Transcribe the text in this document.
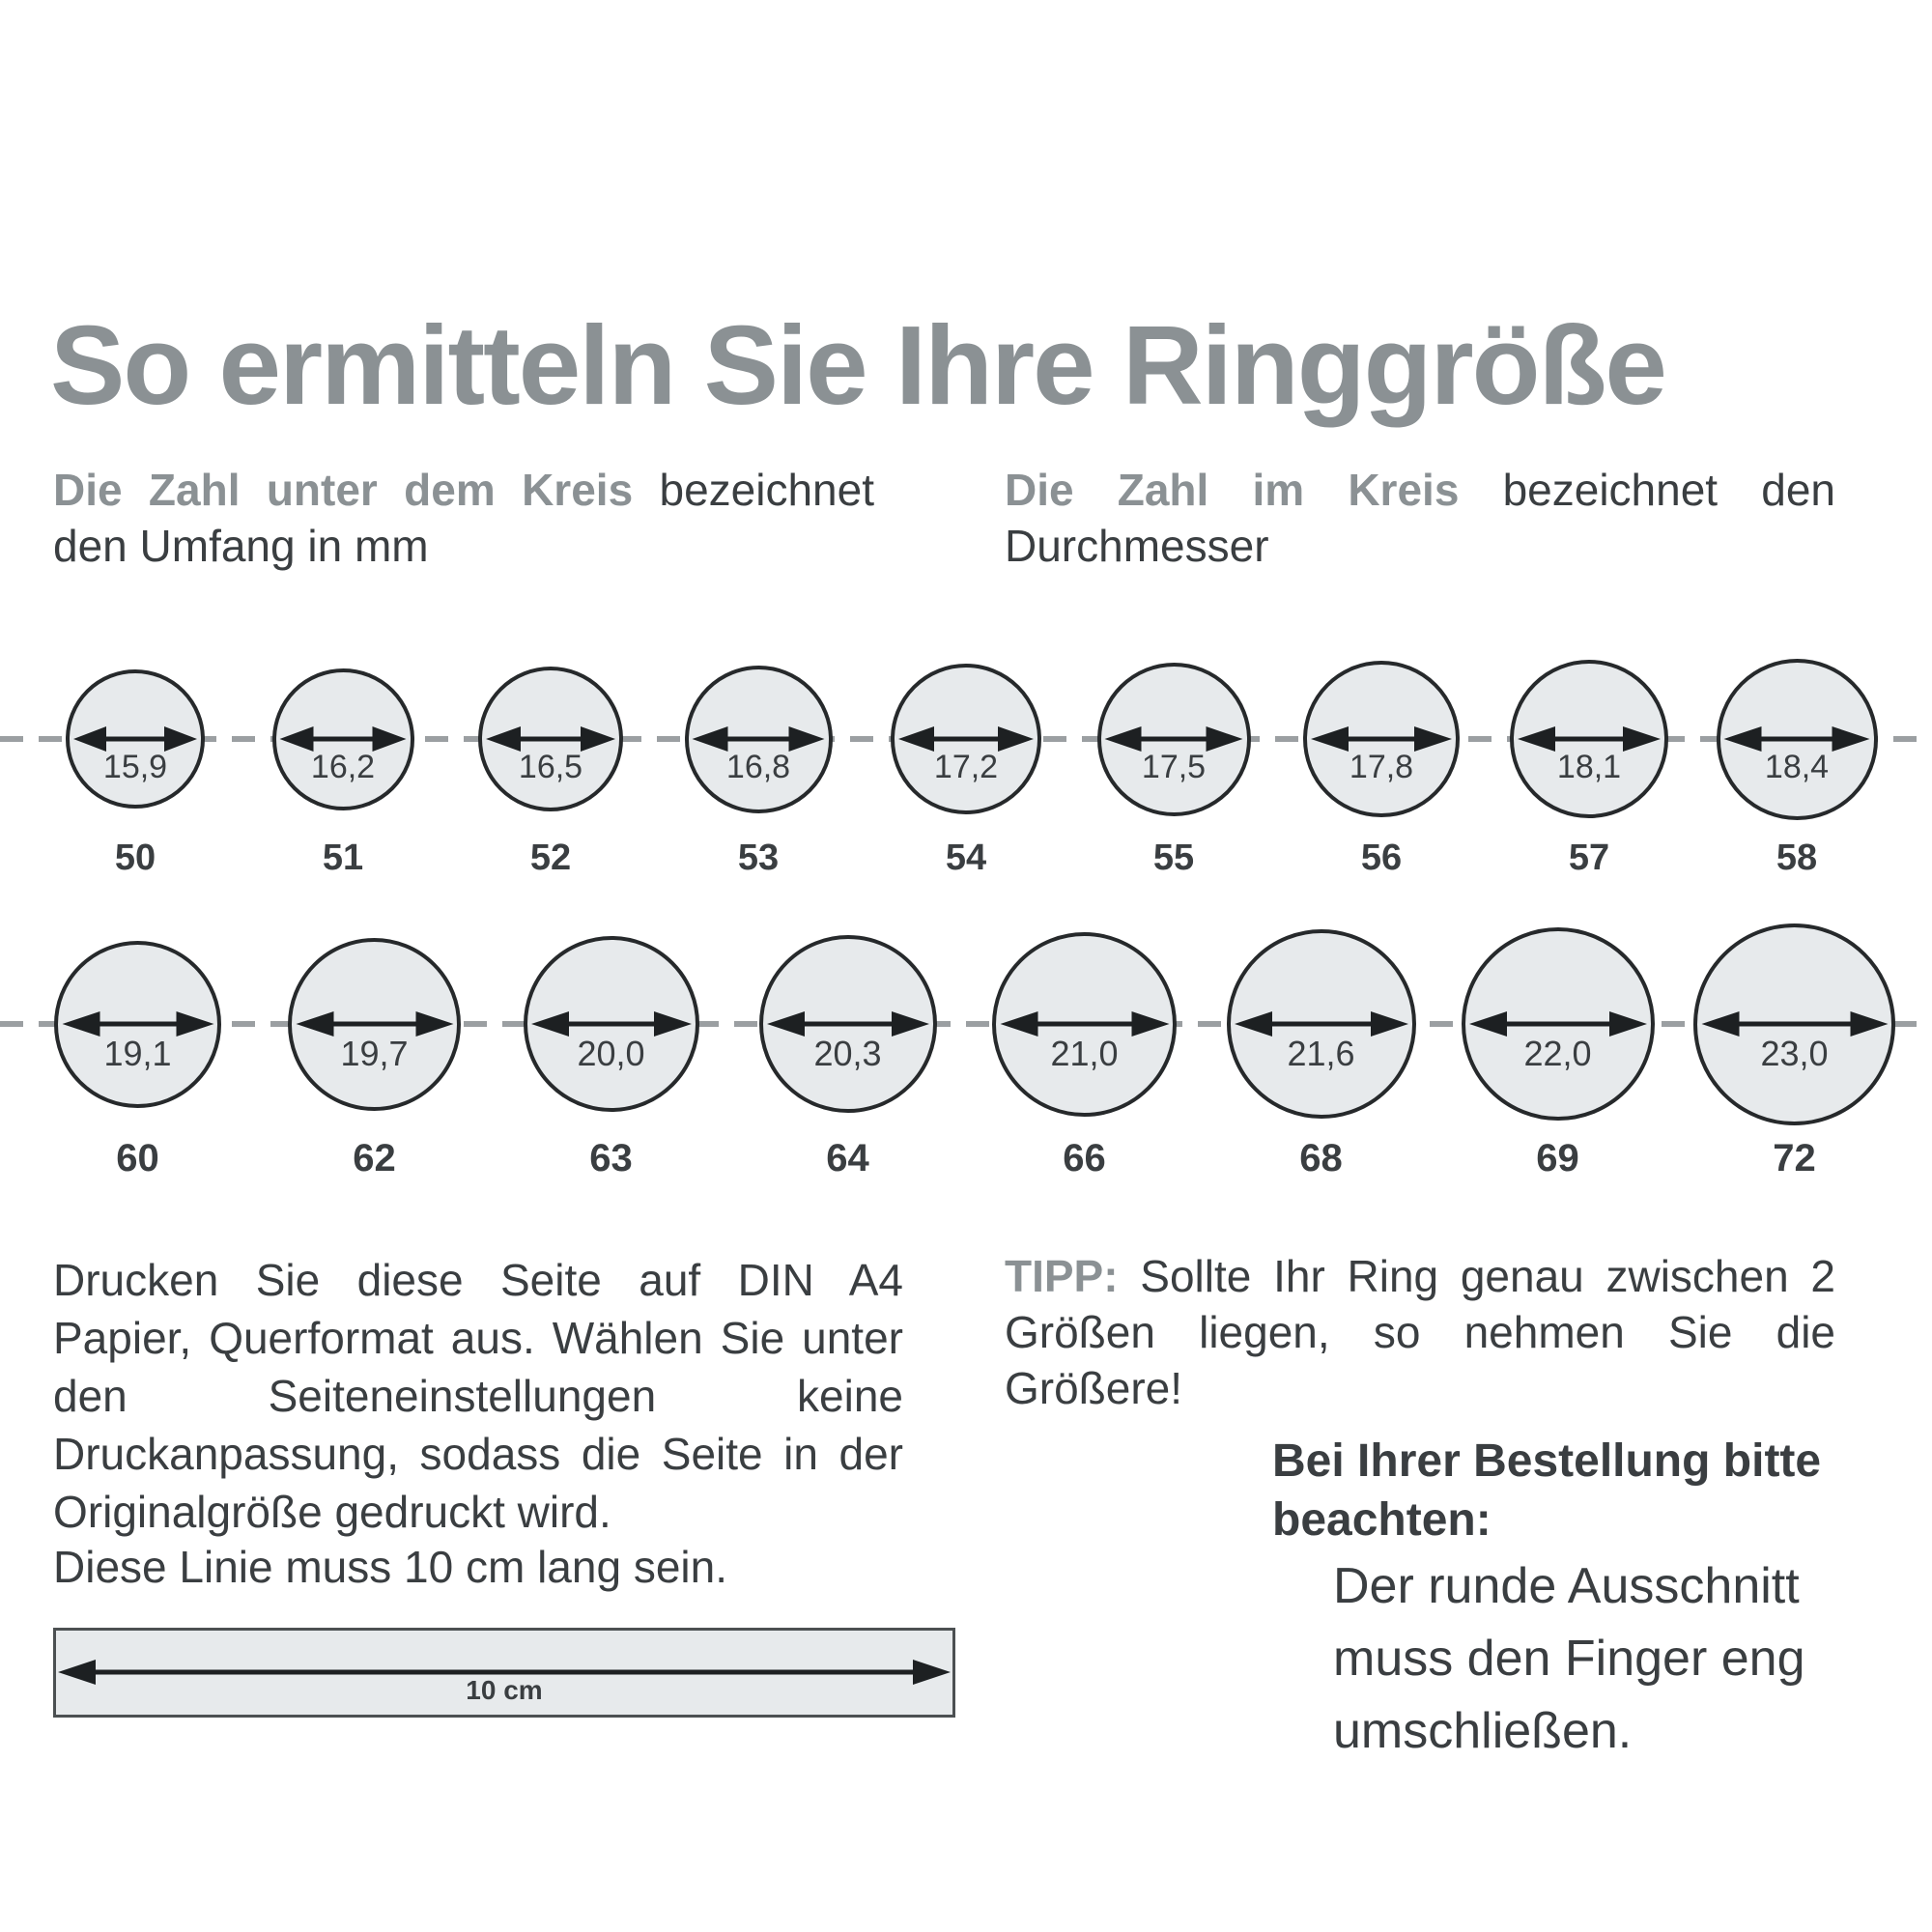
So ermitteln Sie Ihre Ringgröße
Die Zahl unter dem Kreis bezeichnet den Umfang in mm
Die Zahl im Kreis bezeichnet den Durchmesser
15,9
50
16,2
51
16,5
52
16,8
53
17,2
54
17,5
55
17,8
56
18,1
57
18,4
58
19,1
60
19,7
62
20,0
63
20,3
64
21,0
66
21,6
68
22,0
69
23,0
72
Drucken Sie diese Seite auf DIN A4 Papier, Querformat aus. Wählen Sie unter den Seiteneinstellungen keine Druckanpassung, sodass die Seite in der Originalgröße gedruckt wird.
Diese Linie muss 10 cm lang sein.
10 cm
TIPP: Sollte Ihr Ring genau zwischen 2 Größen liegen, so nehmen Sie die Größere!
Bei Ihrer Bestellung bitte beachten:
Der runde Ausschnitt muss den Finger eng umschließen.
